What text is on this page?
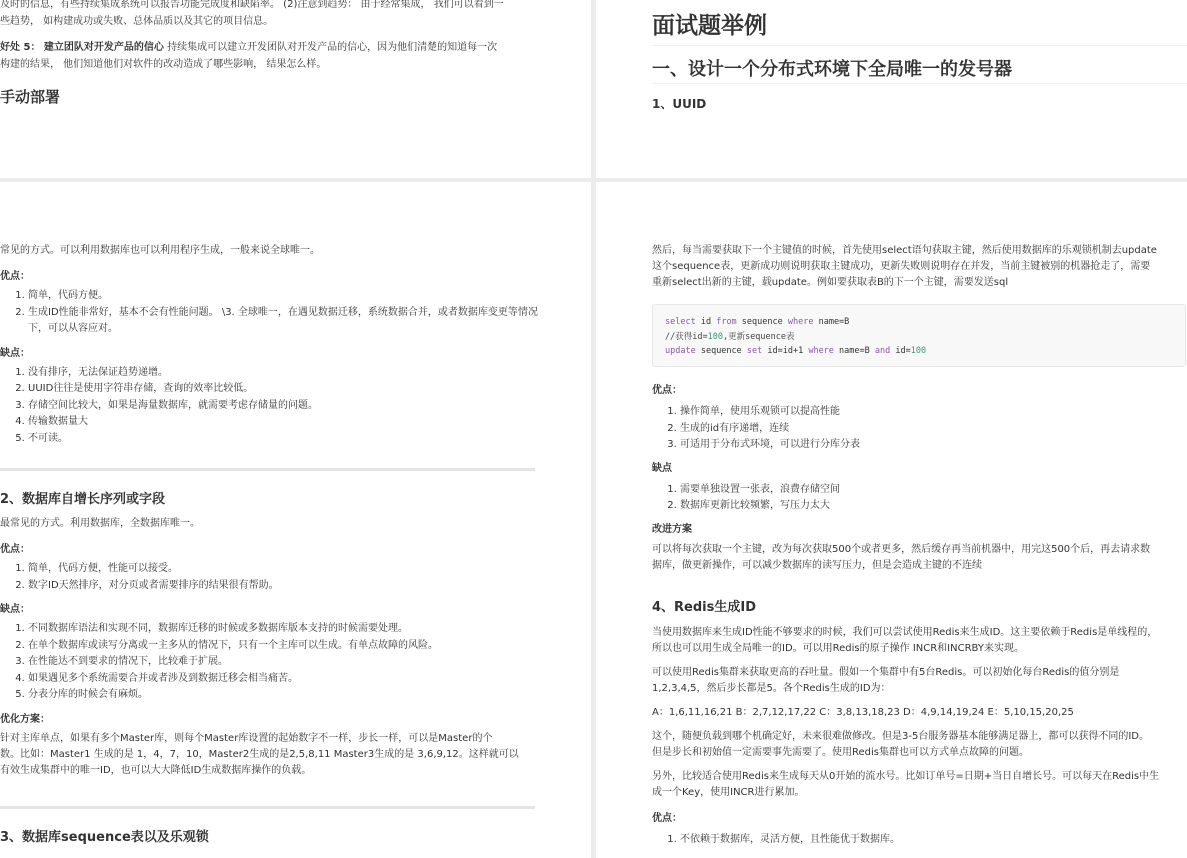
及时的信息，有些持续集成系统可以报告功能完成度和缺陷率。 (2)注意到趋势： 由于经常集成， 我们可以看到一

些趋势， 如构建成功或失败、总体品质以及其它的项目信息。

好处 5： 建立团队对开发产品的信心 持续集成可以建立开发团队对开发产品的信心，因为他们清楚的知道每一次

构建的结果， 他们知道他们对软件的改动造成了哪些影响， 结果怎么样。

手动部署
面试题举例
一、设计一个分布式环境下全局唯一的发号器
1、UUID

常见的方式。可以利用数据库也可以利用程序生成，一般来说全球唯一。

优点：

1. 简单，代码方便。
2. 生成ID性能非常好，基本不会有性能问题。 \3. 全球唯一，在遇见数据迁移，系统数据合并，或者数据库变更等情况下，可以从容应对。

缺点：

1. 没有排序，无法保证趋势递增。
2. UUID往往是使用字符串存储，查询的效率比较低。
3. 存储空间比较大，如果是海量数据库，就需要考虑存储量的问题。
4. 传输数据量大
5. 不可读。

2、数据库自增长序列或字段

最常见的方式。利用数据库，全数据库唯一。

优点：

1. 简单，代码方便，性能可以接受。
2. 数字ID天然排序，对分页或者需要排序的结果很有帮助。

缺点：

1. 不同数据库语法和实现不同，数据库迁移的时候或多数据库版本支持的时候需要处理。
2. 在单个数据库或读写分离或一主多从的情况下，只有一个主库可以生成。有单点故障的风险。
3. 在性能达不到要求的情况下，比较难于扩展。
4. 如果遇见多个系统需要合并或者涉及到数据迁移会相当痛苦。
5. 分表分库的时候会有麻烦。

优化方案：

针对主库单点，如果有多个Master库，则每个Master库设置的起始数字不一样，步长一样，可以是Master的个

数。比如：Master1 生成的是 1，4，7，10，Master2生成的是2,5,8,11 Master3生成的是 3,6,9,12。这样就可以

有效生成集群中的唯一ID，也可以大大降低ID生成数据库操作的负载。

3、数据库sequence表以及乐观锁

然后，每当需要获取下一个主键值的时候，首先使用select语句获取主键，然后使用数据库的乐观锁机制去update

这个sequence表，更新成功则说明获取主键成功，更新失败则说明存在并发，当前主键被别的机器抢走了，需要

重新select出新的主键，载update。例如要获取表B的下一个主键，需要发送sql

select id from sequence where name=B
//获得id=100,更新sequence表
update sequence set id=id+1 where name=B and id=100

优点：

1. 操作简单，使用乐观锁可以提高性能
2. 生成的id有序递增，连续
3. 可适用于分布式环境，可以进行分库分表

缺点

1. 需要单独设置一张表，浪费存储空间
2. 数据库更新比较频繁，写压力太大

改进方案

可以将每次获取一个主键，改为每次获取500个或者更多，然后缓存再当前机器中，用完这500个后，再去请求数

据库，做更新操作，可以减少数据库的读写压力，但是会造成主键的不连续

4、Redis生成ID

当使用数据库来生成ID性能不够要求的时候，我们可以尝试使用Redis来生成ID。这主要依赖于Redis是单线程的，

所以也可以用生成全局唯一的ID。可以用Redis的原子操作 INCR和INCRBY来实现。

可以使用Redis集群来获取更高的吞吐量。假如一个集群中有5台Redis。可以初始化每台Redis的值分别是

1,2,3,4,5，然后步长都是5。各个Redis生成的ID为：

A：1,6,11,16,21 B：2,7,12,17,22 C：3,8,13,18,23 D：4,9,14,19,24 E：5,10,15,20,25

这个，随便负载到哪个机确定好，未来很难做修改。但是3-5台服务器基本能够满足器上，都可以获得不同的ID。

但是步长和初始值一定需要事先需要了。使用Redis集群也可以方式单点故障的问题。

另外，比较适合使用Redis来生成每天从0开始的流水号。比如订单号=日期+当日自增长号。可以每天在Redis中生

成一个Key，使用INCR进行累加。

优点：

1. 不依赖于数据库，灵活方便，且性能优于数据库。
